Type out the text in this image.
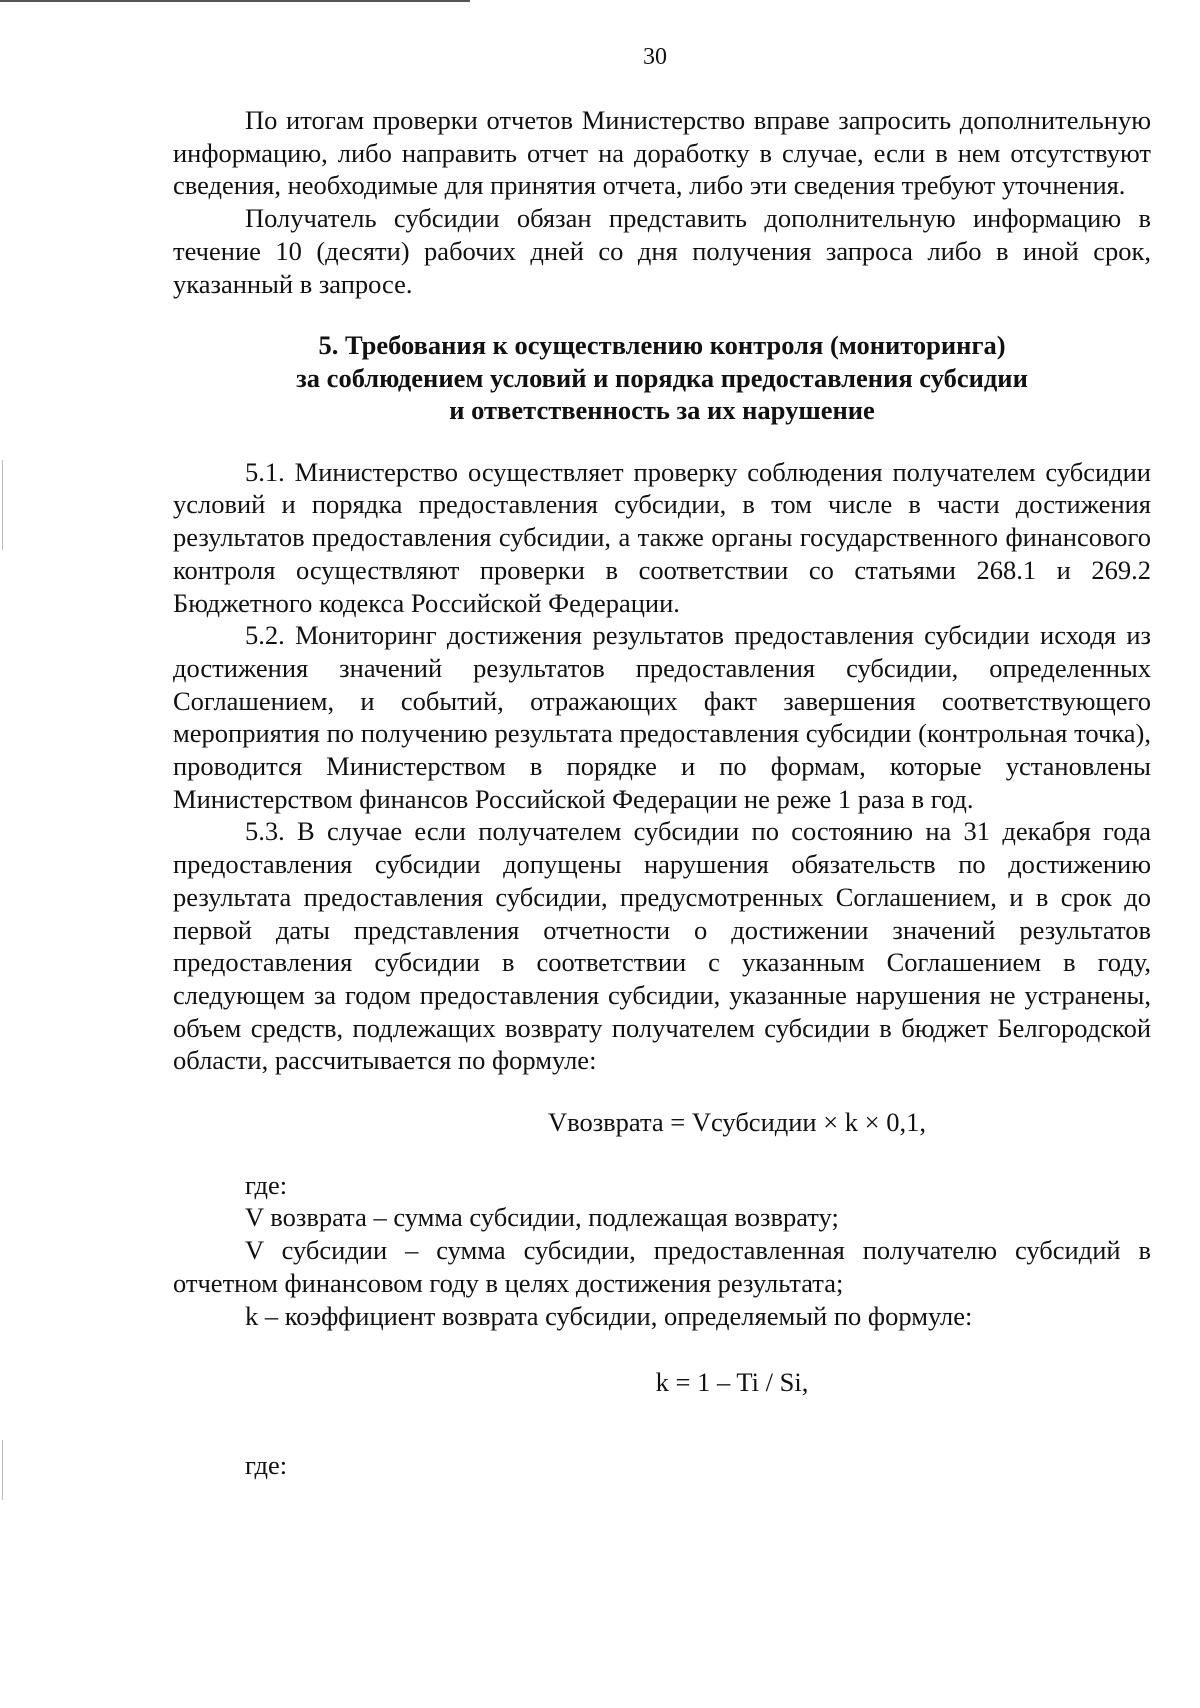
30

По итогам проверки отчетов Министерство вправе запросить дополнительную информацию, либо направить отчет на доработку в случае, если в нем отсутствуют сведения, необходимые для принятия отчета, либо эти сведения требуют уточнения.

Получатель субсидии обязан представить дополнительную информацию в течение 10 (десяти) рабочих дней со дня получения запроса либо в иной срок, указанный в запросе.

5. Требования к осуществлению контроля (мониторинга)
за соблюдением условий и порядка предоставления субсидии
и ответственность за их нарушение

5.1. Министерство осуществляет проверку соблюдения получателем субсидии условий и порядка предоставления субсидии, в том числе в части достижения результатов предоставления субсидии, а также органы государственного финансового контроля осуществляют проверки в соответствии со статьями 268.1 и 269.2 Бюджетного кодекса Российской Федерации.

5.2. Мониторинг достижения результатов предоставления субсидии исходя из достижения значений результатов предоставления субсидии, определенных Соглашением, и событий, отражающих факт завершения соответствующего мероприятия по получению результата предоставления субсидии (контрольная точка), проводится Министерством в порядке и по формам, которые установлены Министерством финансов Российской Федерации не реже 1 раза в год.

5.3. В случае если получателем субсидии по состоянию на 31 декабря года предоставления субсидии допущены нарушения обязательств по достижению результата предоставления субсидии, предусмотренных Соглашением, и в срок до первой даты представления отчетности о достижении значений результатов предоставления субсидии в соответствии с указанным Соглашением в году, следующем за годом предоставления субсидии, указанные нарушения не устранены, объем средств, подлежащих возврату получателем субсидии в бюджет Белгородской области, рассчитывается по формуле:

Vвозврата = Vсубсидии × k × 0,1,

где:

V возврата – сумма субсидии, подлежащая возврату;

V субсидии – сумма субсидии, предоставленная получателю субсидий в отчетном финансовом году в целях достижения результата;

k – коэффициент возврата субсидии, определяемый по формуле:

k = 1 – Ti / Si,

где:
